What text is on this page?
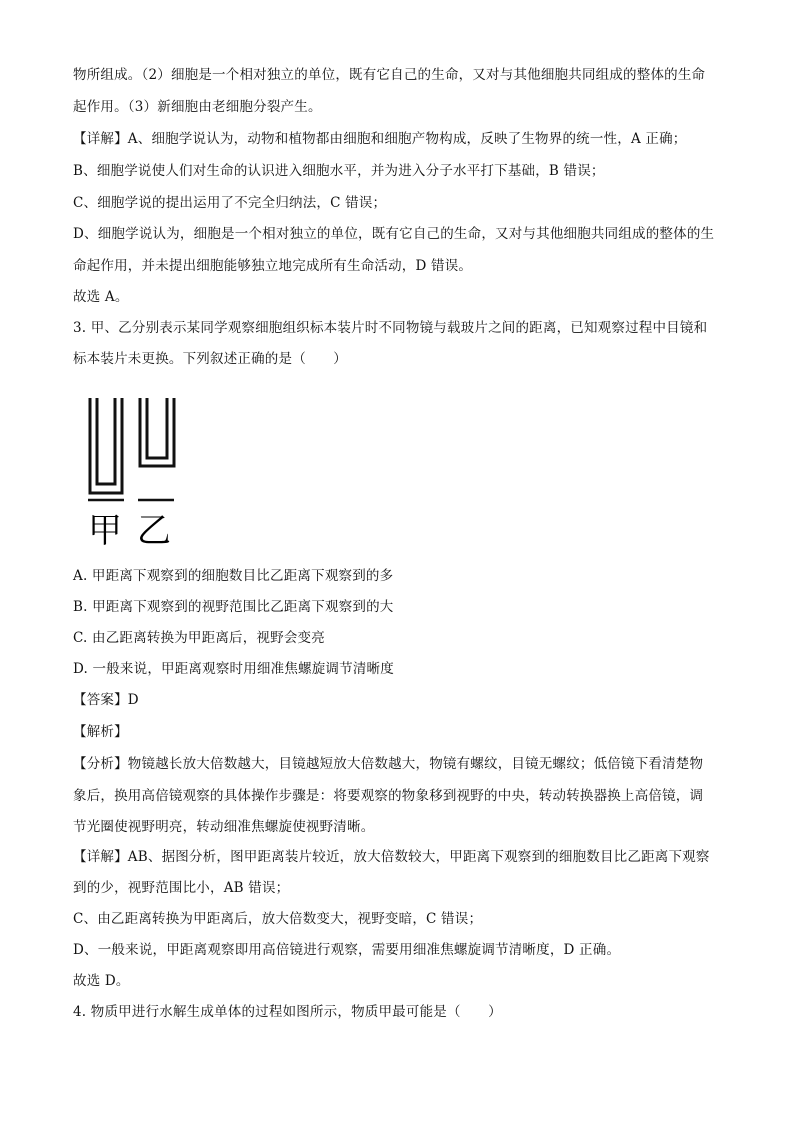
物所组成。（2）细胞是一个相对独立的单位，既有它自己的生命，又对与其他细胞共同组成的整体的生命
起作用。（3）新细胞由老细胞分裂产生。
【详解】A、细胞学说认为，动物和植物都由细胞和细胞产物构成，反映了生物界的统一性，A 正确；
B、细胞学说使人们对生命的认识进入细胞水平，并为进入分子水平打下基础，B 错误；
C、细胞学说的提出运用了不完全归纳法，C 错误；
D、细胞学说认为，细胞是一个相对独立的单位，既有它自己的生命，又对与其他细胞共同组成的整体的生
命起作用，并未提出细胞能够独立地完成所有生命活动，D 错误。
故选 A。
3. 甲、乙分别表示某同学观察细胞组织标本装片时不同物镜与载玻片之间的距离，已知观察过程中目镜和
标本装片未更换。下列叙述正确的是（　　）
甲 乙
A. 甲距离下观察到的细胞数目比乙距离下观察到的多
B. 甲距离下观察到的视野范围比乙距离下观察到的大
C. 由乙距离转换为甲距离后，视野会变亮
D. 一般来说，甲距离观察时用细准焦螺旋调节清晰度
【答案】D
【解析】
【分析】物镜越长放大倍数越大，目镜越短放大倍数越大，物镜有螺纹，目镜无螺纹；低倍镜下看清楚物
象后，换用高倍镜观察的具体操作步骤是：将要观察的物象移到视野的中央，转动转换器换上高倍镜，调
节光圈使视野明亮，转动细准焦螺旋使视野清晰。
【详解】AB、据图分析，图甲距离装片较近，放大倍数较大，甲距离下观察到的细胞数目比乙距离下观察
到的少，视野范围比小，AB 错误；
C、由乙距离转换为甲距离后，放大倍数变大，视野变暗，C 错误；
D、一般来说，甲距离观察即用高倍镜进行观察，需要用细准焦螺旋调节清晰度，D 正确。
故选 D。
4. 物质甲进行水解生成单体的过程如图所示，物质甲最可能是（　　）
